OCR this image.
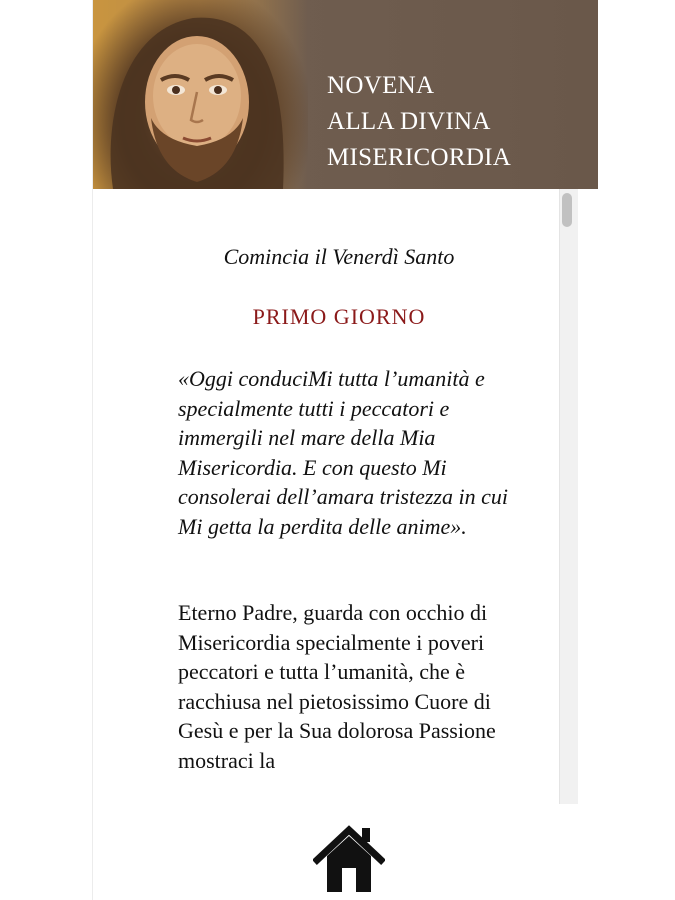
NOVENA
ALLA DIVINA
MISERICORDIA

Comincia il Venerdì Santo

PRIMO GIORNO

«Oggi conduciMi tutta l’umanità e specialmente tutti i peccatori e immergili nel mare della Mia Misericordia. E con questo Mi consolerai dell’amara tristezza in cui Mi getta la perdita delle anime».

Eterno Padre, guarda con occhio di Misericordia specialmente i poveri peccatori e tutta l’umanità, che è racchiusa nel pietosissimo Cuore di Gesù e per la Sua dolorosa Passione mostraci la
